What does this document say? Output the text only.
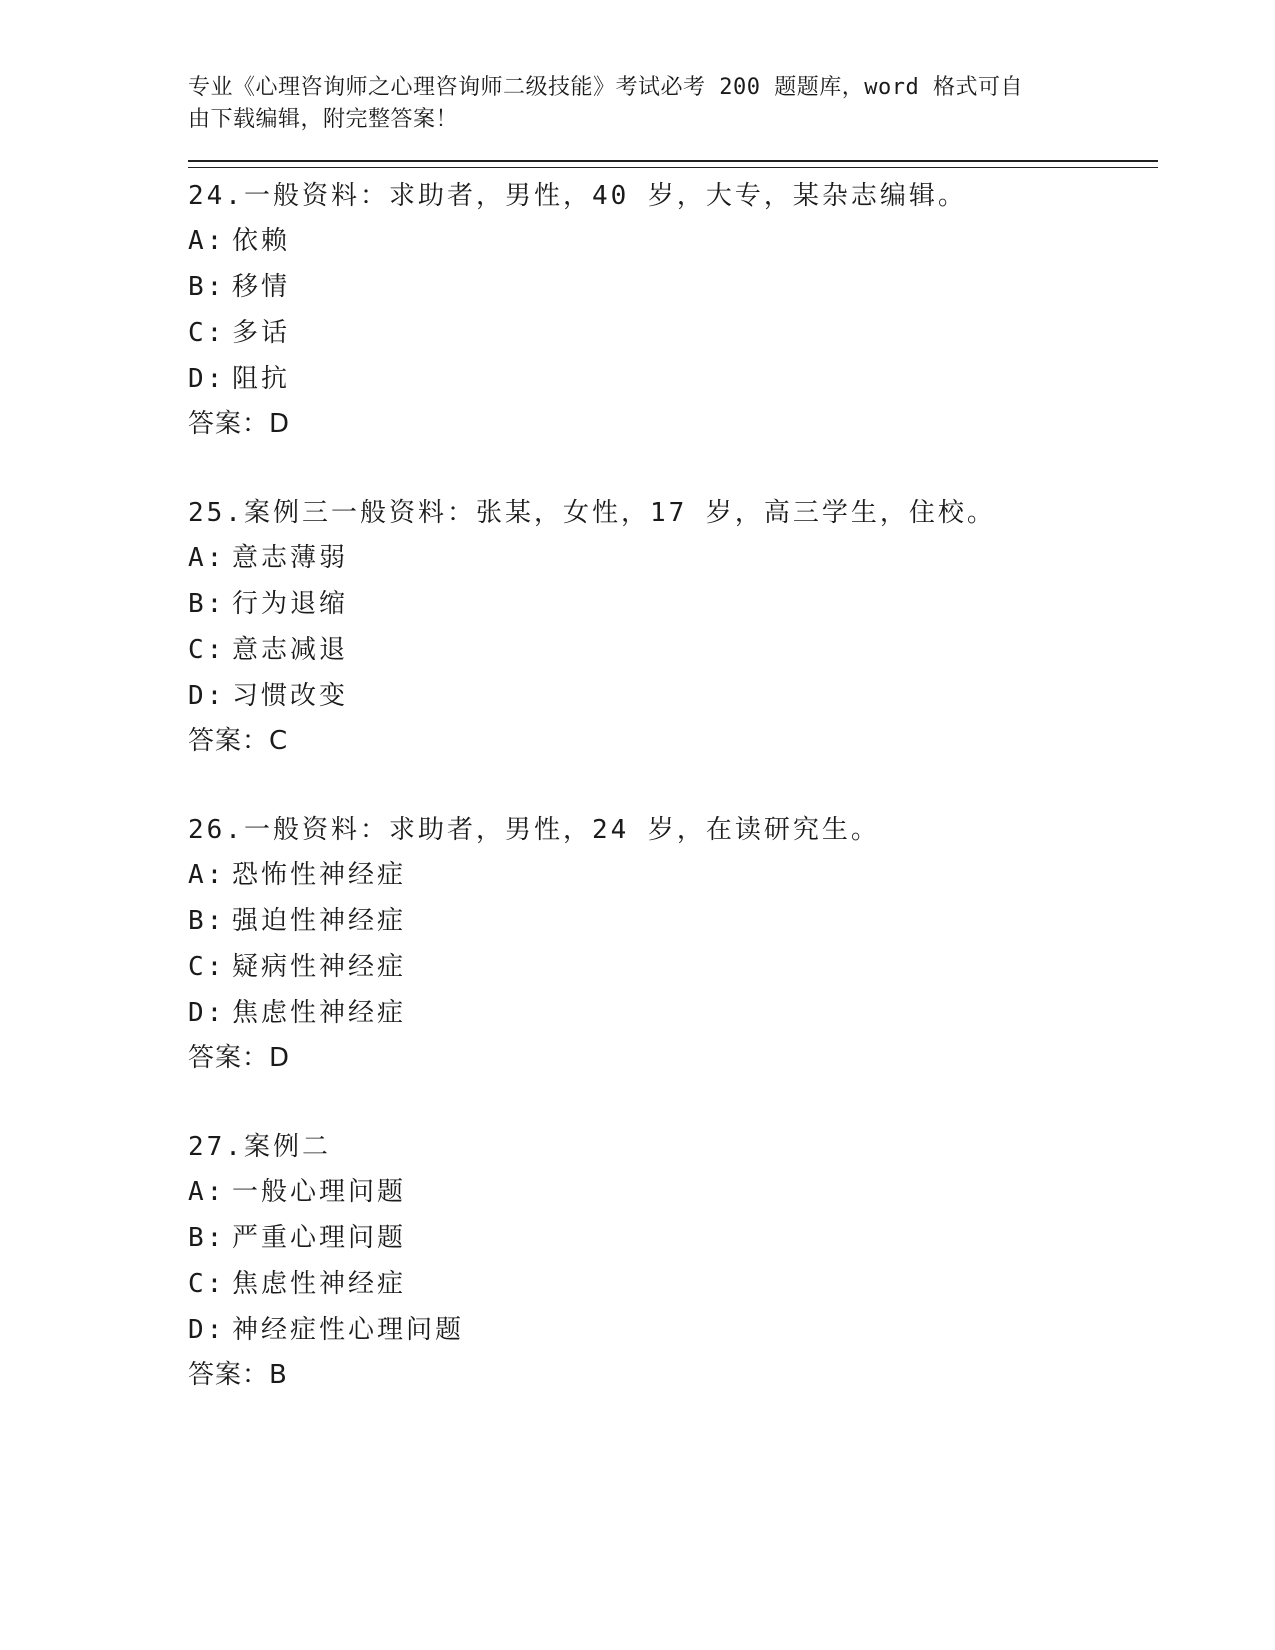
专业《心理咨询师之心理咨询师二级技能》考试必考 200 题题库，word 格式可自
由下载编辑，附完整答案！
24.一般资料：求助者，男性，40 岁，大专，某杂志编辑。
A: 依赖
B: 移情
C: 多话
D: 阻抗
答案：D
25.案例三一般资料：张某，女性，17 岁，高三学生，住校。
A: 意志薄弱
B: 行为退缩
C: 意志减退
D: 习惯改变
答案：C
26.一般资料：求助者，男性，24 岁，在读研究生。
A: 恐怖性神经症
B: 强迫性神经症
C: 疑病性神经症
D: 焦虑性神经症
答案：D
27.案例二
A: 一般心理问题
B: 严重心理问题
C: 焦虑性神经症
D: 神经症性心理问题
答案：B
